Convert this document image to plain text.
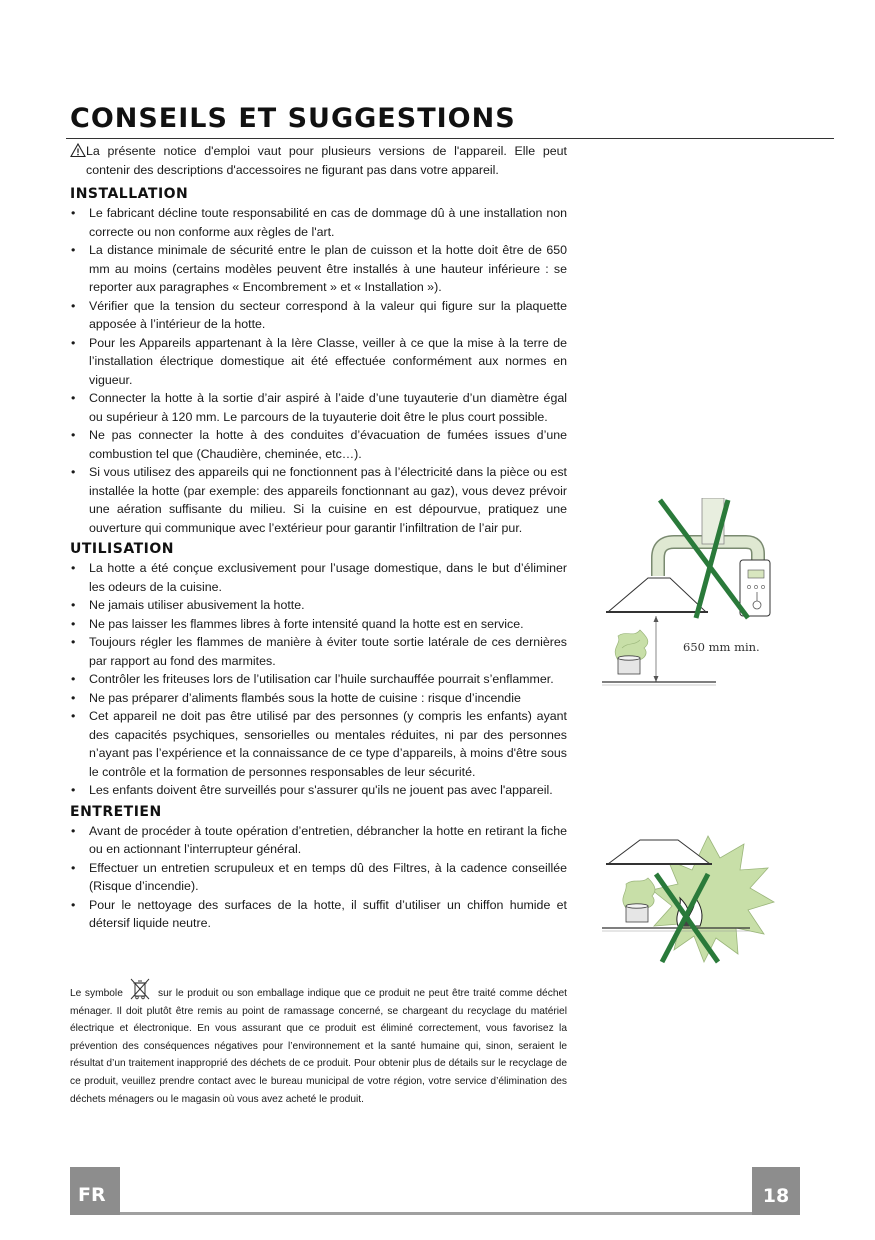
CONSEILS ET SUGGESTIONS
La présente notice d'emploi vaut pour plusieurs versions de l'appareil. Elle peut contenir des descriptions d'accessoires ne figurant pas dans votre appareil.
INSTALLATION
• Le fabricant décline toute responsabilité en cas de dommage dû à une installation non correcte ou non conforme aux règles de l'art.
• La distance minimale de sécurité entre le plan de cuisson et la hotte doit être de 650 mm au moins (certains modèles peuvent être installés à une hauteur inférieure : se reporter aux paragraphes « Encombrement » et « Installation »).
• Vérifier que la tension du secteur correspond à la valeur qui figure sur la plaquette apposée à l’intérieur de la hotte.
• Pour les Appareils appartenant à la Ière Classe, veiller à ce que la mise à la terre de l’installation électrique domestique ait été effectuée conformément aux normes en vigueur.
• Connecter la hotte à la sortie d’air aspiré à l’aide d’une tuyauterie d’un diamètre égal ou supérieur à 120 mm. Le parcours de la tuyauterie doit être le plus court possible.
• Ne pas connecter la hotte à des conduites d’évacuation de fumées issues d’une combustion tel que (Chaudière, cheminée, etc…).
• Si vous utilisez des appareils qui ne fonctionnent pas à l’électricité dans la pièce ou est installée la hotte (par exemple: des appareils fonctionnant au gaz), vous devez prévoir une aération suffisante du milieu. Si la cuisine en est dépourvue, pratiquez une ouverture qui communique avec l’extérieur pour garantir l’infiltration de l’air pur.
UTILISATION
• La hotte a été conçue exclusivement pour l’usage domestique, dans le but d’éliminer les odeurs de la cuisine.
• Ne jamais utiliser abusivement la hotte.
• Ne pas laisser les flammes libres à forte intensité quand la hotte est en service.
• Toujours régler les flammes de manière à éviter toute sortie latérale de ces dernières par rapport au fond des marmites.
• Contrôler les friteuses lors de l’utilisation car l’huile surchauffée pourrait s’enflammer.
• Ne pas préparer d’aliments flambés sous la hotte de cuisine : risque d’incendie
• Cet appareil ne doit pas être utilisé par des personnes (y compris les enfants) ayant des capacités psychiques, sensorielles ou mentales réduites, ni par des personnes n’ayant pas l’expérience et la connaissance de ce type d’appareils, à moins d'être sous le contrôle et la formation de personnes responsables de leur sécurité.
• Les enfants doivent être surveillés pour s'assurer qu'ils ne jouent pas avec l'appareil.
ENTRETIEN
• Avant de procéder à toute opération d’entretien, débrancher la hotte en retirant la fiche ou en actionnant l’interrupteur général.
• Effectuer un entretien scrupuleux et en temps dû des Filtres, à la cadence conseillée (Risque d’incendie).
• Pour le nettoyage des surfaces de la hotte, il suffit d’utiliser un chiffon humide et détersif liquide neutre.
Le symbole	sur le produit ou son emballage indique que ce produit ne peut être traité comme déchet ménager. Il doit plutôt être remis au point de ramassage concerné, se chargeant du recyclage du matériel électrique et électronique. En vous assurant que ce produit est éliminé correctement, vous favorisez la prévention des conséquences négatives pour l’environnement et la santé humaine qui, sinon, seraient le résultat d’un traitement inapproprié des déchets de ce produit. Pour obtenir plus de détails sur le recyclage de ce produit, veuillez prendre contact avec le bureau municipal de votre région, votre service d’élimination des déchets ménagers ou le magasin où vous avez acheté le produit.
650 mm min.
FR	18
